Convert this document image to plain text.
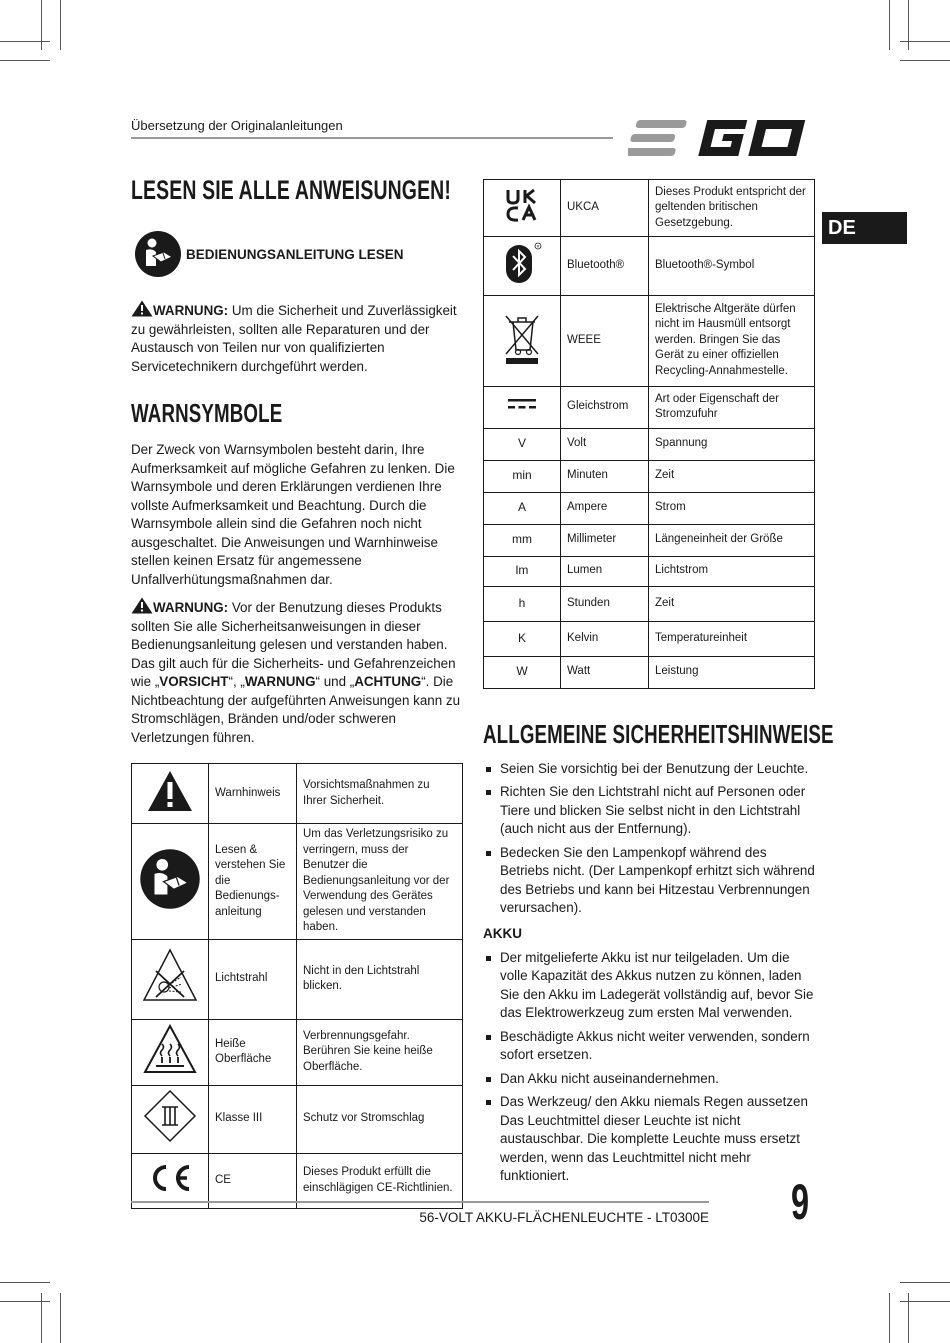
Übersetzung der Originalanleitungen
DE
LESEN SIE ALLE ANWEISUNGEN!
BEDIENUNGSANLEITUNG LESEN

WARNUNG: Um die Sicherheit und Zuverlässigkeit zu gewährleisten, sollten alle Reparaturen und der Austausch von Teilen nur von qualifizierten Servicetechnikern durchgeführt werden.

WARNSYMBOLE

Der Zweck von Warnsymbolen besteht darin, Ihre Aufmerksamkeit auf mögliche Gefahren zu lenken. Die Warnsymbole und deren Erklärungen verdienen Ihre vollste Aufmerksamkeit und Beachtung. Durch die Warnsymbole allein sind die Gefahren noch nicht ausgeschaltet. Die Anweisungen und Warnhinweise stellen keinen Ersatz für angemessene Unfallverhütungsmaßnahmen dar.

WARNUNG: Vor der Benutzung dieses Produkts sollten Sie alle Sicherheitsanweisungen in dieser Bedienungsanleitung gelesen und verstanden haben. Das gilt auch für die Sicherheits- und Gefahrenzeichen wie „VORSICHT“, „WARNUNG“ und „ACHTUNG“. Die Nichtbeachtung der aufgeführten Anweisungen kann zu Stromschlägen, Bränden und/oder schweren Verletzungen führen.

	Warnhinweis	Vorsichtsmaßnahmen zu Ihrer Sicherheit.
	Lesen & verstehen Sie die Bedienungs-anleitung	Um das Verletzungsrisiko zu verringern, muss der Benutzer die Bedienungsanleitung vor der Verwendung des Gerätes gelesen und verstanden haben.
	Lichtstrahl	Nicht in den Lichtstrahl blicken.
	Heiße Oberfläche	Verbrennungsgefahr. Berühren Sie keine heiße Oberfläche.
	Klasse III	Schutz vor Stromschlag
	CE	Dieses Produkt erfüllt die einschlägigen CE-Richtlinien.
	UKCA	Dieses Produkt entspricht der geltenden britischen Gesetzgebung.

R	Bluetooth®	Bluetooth®-Symbol
	WEEE	Elektrische Altgeräte dürfen nicht im Hausmüll entsorgt werden. Bringen Sie das Gerät zu einer offiziellen Recycling-Annahmestelle.
	Gleichstrom	Art oder Eigenschaft der Stromzufuhr
V	Volt	Spannung
min	Minuten	Zeit
A	Ampere	Strom
mm	Millimeter	Längeneinheit der Größe
lm	Lumen	Lichtstrom
h	Stunden	Zeit
K	Kelvin	Temperatureinheit
W	Watt	Leistung
ALLGEMEINE SICHERHEITSHINWEISE
Seien Sie vorsichtig bei der Benutzung der Leuchte.
Richten Sie den Lichtstrahl nicht auf Personen oder Tiere und blicken Sie selbst nicht in den Lichtstrahl (auch nicht aus der Entfernung).
Bedecken Sie den Lampenkopf während des Betriebs nicht. (Der Lampenkopf erhitzt sich während des Betriebs und kann bei Hitzestau Verbrennungen verursachen).
AKKU
Der mitgelieferte Akku ist nur teilgeladen. Um die volle Kapazität des Akkus nutzen zu können, laden Sie den Akku im Ladegerät vollständig auf, bevor Sie das Elektrowerkzeug zum ersten Mal verwenden.
Beschädigte Akkus nicht weiter verwenden, sondern sofort ersetzen.
Dan Akku nicht auseinandernehmen.
Das Werkzeug/ den Akku niemals Regen aussetzen Das Leuchtmittel dieser Leuchte ist nicht austauschbar. Die komplette Leuchte muss ersetzt werden, wenn das Leuchtmittel nicht mehr funktioniert.
56-VOLT AKKU-FLÄCHENLEUCHTE - LT0300E 9
